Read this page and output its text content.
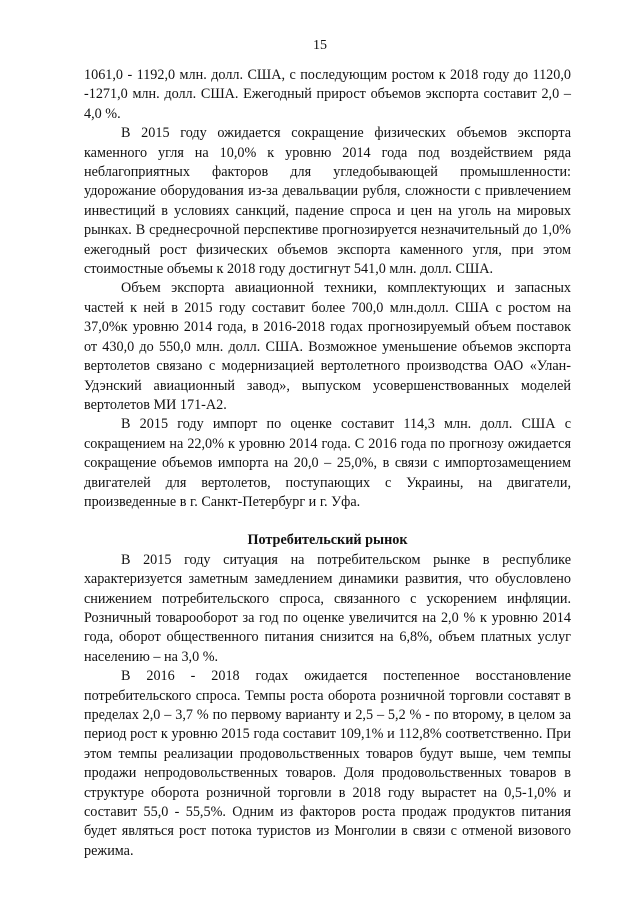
15

1061,0 - 1192,0 млн. долл. США, с последующим ростом к 2018 году до 1120,0 -1271,0 млн. долл. США. Ежегодный прирост объемов экспорта составит 2,0 – 4,0 %.

В 2015 году ожидается сокращение физических объемов экспорта каменного угля на 10,0% к уровню 2014 года под воздействием ряда неблагоприятных факторов для угледобывающей промышленности: удорожание оборудования из-за девальвации рубля, сложности с привлечением инвестиций в условиях санкций, падение спроса и цен на уголь на мировых рынках. В среднесрочной перспективе прогнозируется незначительный до 1,0% ежегодный рост физических объемов экспорта каменного угля, при этом стоимостные объемы к 2018 году достигнут 541,0 млн. долл. США.

Объем экспорта авиационной техники, комплектующих и запасных частей к ней в 2015 году составит более 700,0 млн.долл. США с ростом на 37,0%к уровню 2014 года, в 2016-2018 годах прогнозируемый объем поставок от 430,0 до 550,0 млн. долл. США. Возможное уменьшение объемов экспорта вертолетов связано с модернизацией вертолетного производства ОАО «Улан-Удэнский авиационный завод», выпуском усовершенствованных моделей вертолетов МИ 171-А2.

В 2015 году импорт по оценке составит 114,3 млн. долл. США с сокращением на 22,0% к уровню 2014 года. С 2016 года по прогнозу ожидается сокращение объемов импорта на 20,0 – 25,0%, в связи с импортозамещением двигателей для вертолетов, поступающих с Украины, на двигатели, произведенные в г. Санкт-Петербург и г. Уфа.

Потребительский рынок

В 2015 году ситуация на потребительском рынке в республике характеризуется заметным замедлением динамики развития, что обусловлено снижением потребительского спроса, связанного с ускорением инфляции. Розничный товарооборот за год по оценке увеличится на 2,0 % к уровню 2014 года, оборот общественного питания снизится на 6,8%, объем платных услуг населению – на 3,0 %.

В 2016 - 2018 годах ожидается постепенное восстановление потребительского спроса. Темпы роста оборота розничной торговли составят в пределах 2,0 – 3,7 % по первому варианту и 2,5 – 5,2 % - по второму, в целом за период рост к уровню 2015 года составит 109,1% и 112,8% соответственно. При этом темпы реализации продовольственных товаров будут выше, чем темпы продажи непродовольственных товаров. Доля продовольственных товаров в структуре оборота розничной торговли в 2018 году вырастет на 0,5-1,0% и составит 55,0 - 55,5%. Одним из факторов роста продаж продуктов питания будет являться рост потока туристов из Монголии в связи с отменой визового режима.
